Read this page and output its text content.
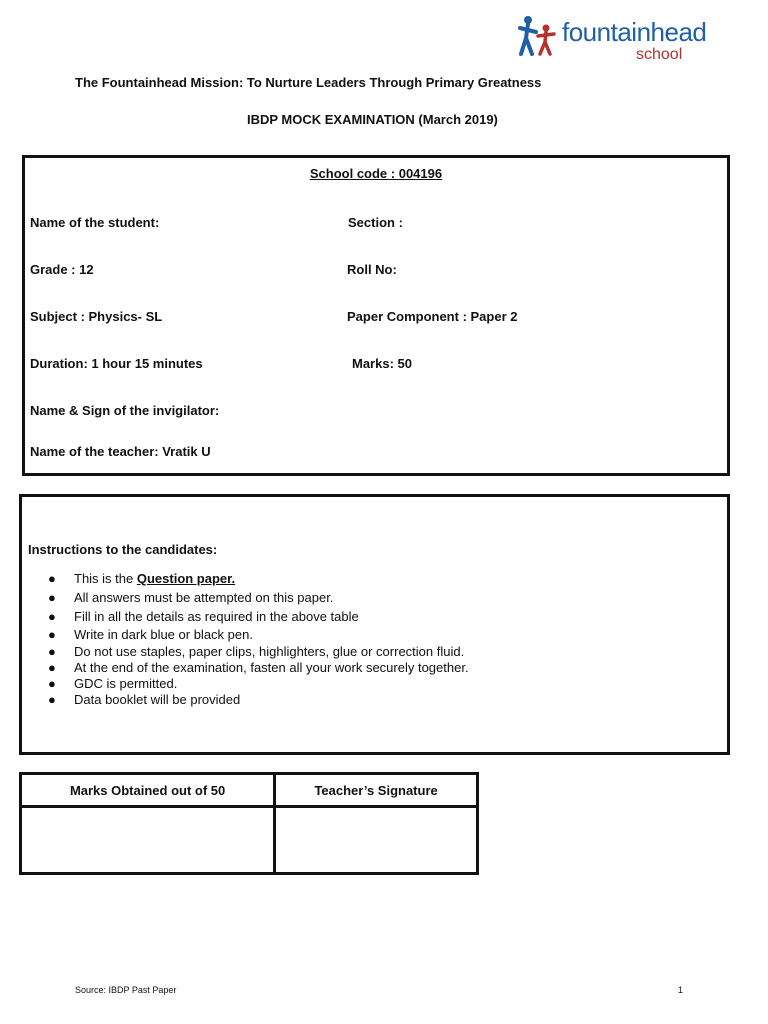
fountainhead
school
The Fountainhead Mission: To Nurture Leaders Through Primary Greatness
IBDP MOCK EXAMINATION (March 2019)
School code : 004196
Name of the student:	Section :
Grade : 12	Roll No:
Subject : Physics- SL	Paper Component : Paper 2
Duration: 1 hour 15 minutes	Marks: 50
Name & Sign of the invigilator:
Name of the teacher: Vratik U
Instructions to the candidates:
● This is the Question paper.
● All answers must be attempted on this paper.
● Fill in all the details as required in the above table
● Write in dark blue or black pen.
● Do not use staples, paper clips, highlighters, glue or correction fluid.
● At the end of the examination, fasten all your work securely together.
● GDC is permitted.
● Data booklet will be provided
Marks Obtained out of 50	Teacher’s Signature

Source: IBDP Past Paper	1
